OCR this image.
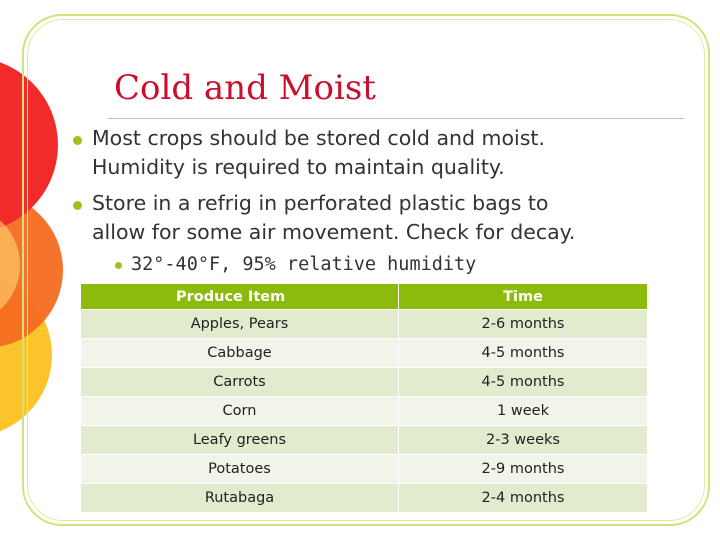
Cold and Moist
Most crops should be stored cold and moist.
Humidity is required to maintain quality.
Store in a refrig in perforated plastic bags to
allow for some air movement. Check for decay.
32°-40°F, 95% relative humidity
Produce Item	Time
Apples, Pears	2-6 months
Cabbage	4-5 months
Carrots	4-5 months
Corn	1 week
Leafy greens	2-3 weeks
Potatoes	2-9 months
Rutabaga	2-4 months
